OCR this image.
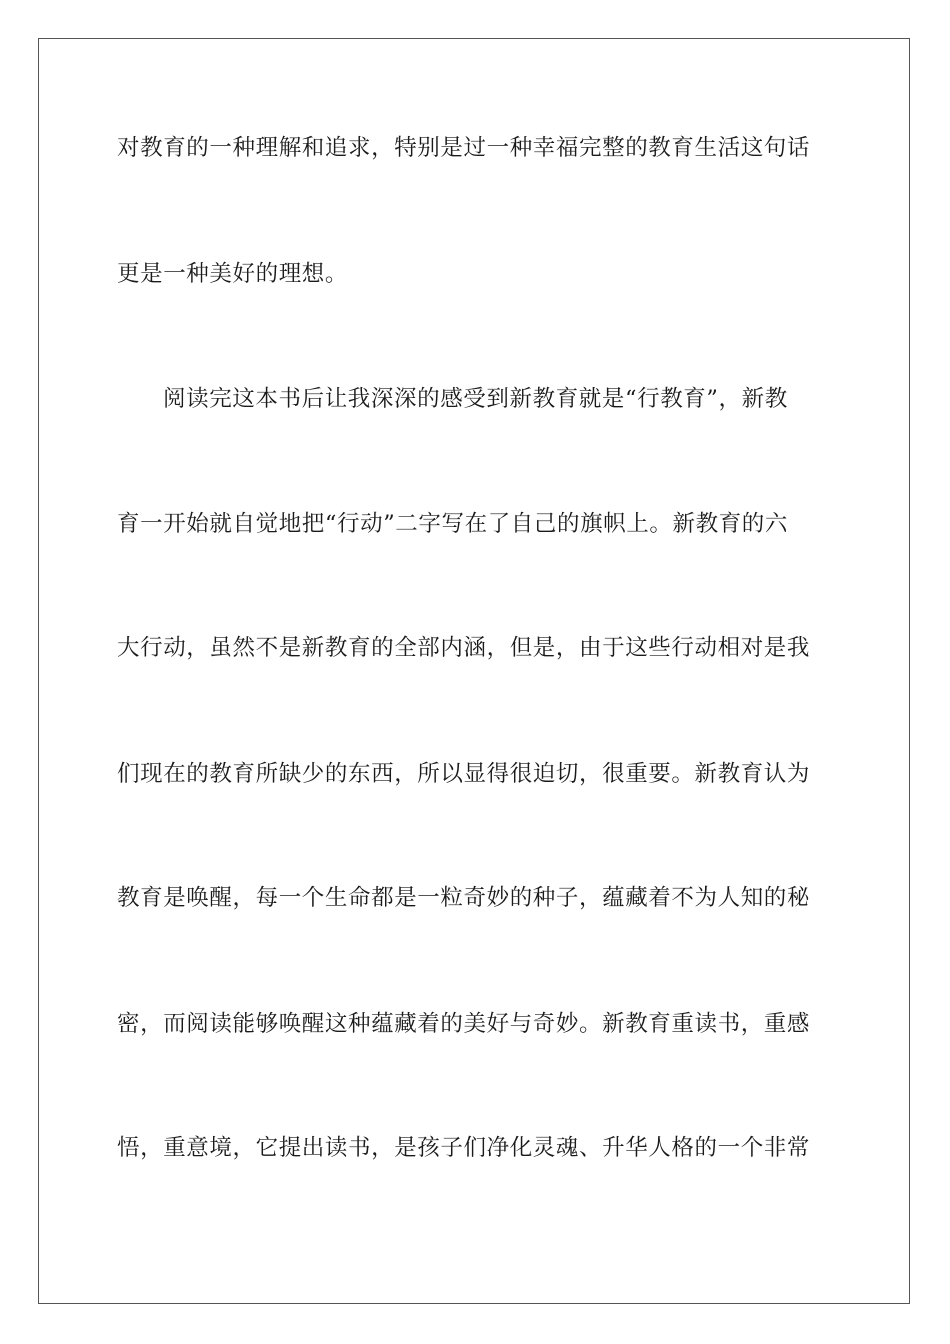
对教育的一种理解和追求，特别是过一种幸福完整的教育生活这句话
更是一种美好的理想。
阅读完这本书后让我深深的感受到新教育就是“行教育”，新教
育一开始就自觉地把“行动”二字写在了自己的旗帜上。新教育的六
大行动，虽然不是新教育的全部内涵，但是，由于这些行动相对是我
们现在的教育所缺少的东西，所以显得很迫切，很重要。新教育认为
教育是唤醒，每一个生命都是一粒奇妙的种子，蕴藏着不为人知的秘
密，而阅读能够唤醒这种蕴藏着的美好与奇妙。新教育重读书，重感
悟，重意境，它提出读书，是孩子们净化灵魂、升华人格的一个非常
